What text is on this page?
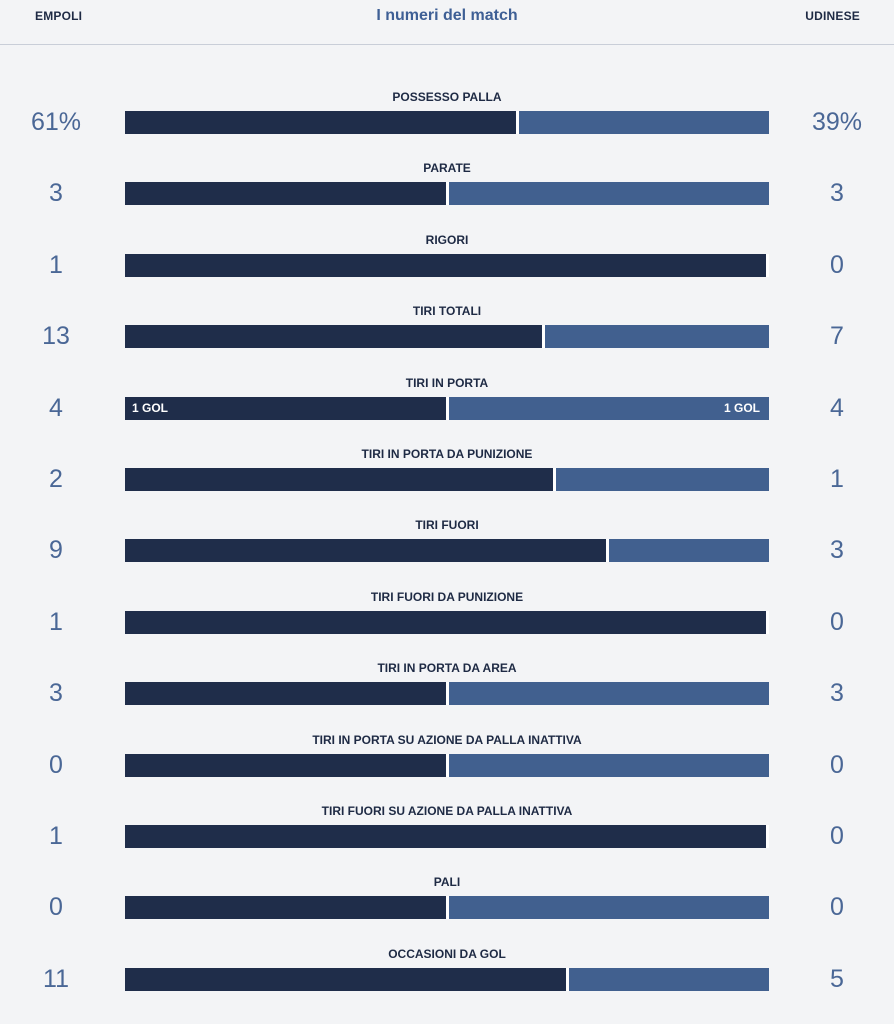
EMPOLI	I numeri del match	UDINESE
POSSESSO PALLA
61%	39%
PARATE
3	3
RIGORI
1	0
TIRI TOTALI
13	7
TIRI IN PORTA
4	1 GOL	1 GOL	4
TIRI IN PORTA DA PUNIZIONE
2	1
TIRI FUORI
9	3
TIRI FUORI DA PUNIZIONE
1	0
TIRI IN PORTA DA AREA
3	3
TIRI IN PORTA SU AZIONE DA PALLA INATTIVA
0	0
TIRI FUORI SU AZIONE DA PALLA INATTIVA
1	0
PALI
0	0
OCCASIONI DA GOL
11	5
